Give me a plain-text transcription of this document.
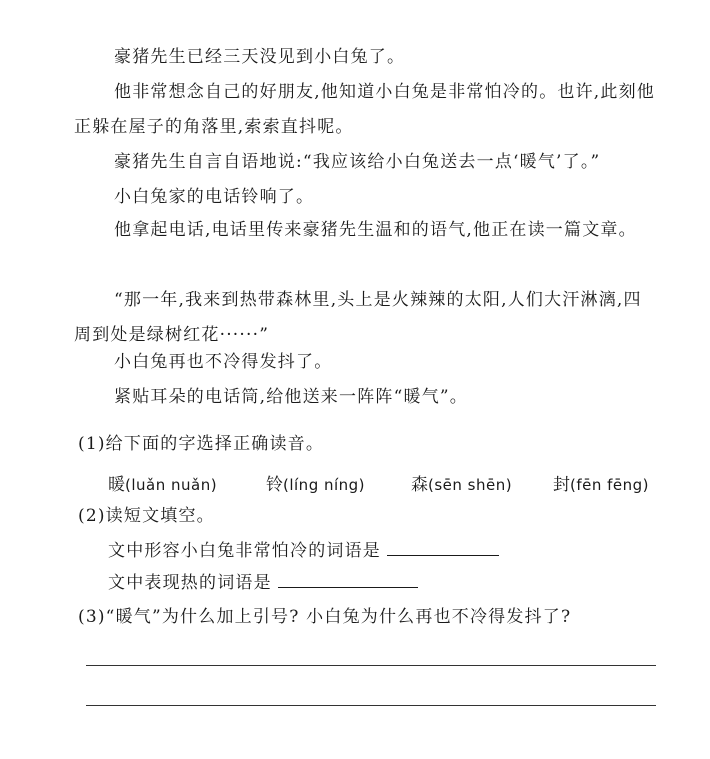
豪猪先生已经三天没见到小白兔了。
他非常想念自己的好朋友,他知道小白兔是非常怕冷的。也许,此刻他正躲在屋子的角落里,索索直抖呢。
豪猪先生自言自语地说:“我应该给小白兔送去一点‘暖气’了。”
小白兔家的电话铃响了。
他拿起电话,电话里传来豪猪先生温和的语气,他正在读一篇文章。
“那一年,我来到热带森林里,头上是火辣辣的太阳,人们大汗淋漓,四周到处是绿树红花······”
小白兔再也不冷得发抖了。
紧贴耳朵的电话筒,给他送来一阵阵“暖气”。
(1)给下面的字选择正确读音。
暖(luǎn nuǎn)	铃(líng níng)	森(sēn shēn) 封(fēn fēng)
(2)读短文填空。
文中形容小白兔非常怕冷的词语是
文中表现热的词语是
(3)“暖气”为什么加上引号? 小白兔为什么再也不冷得发抖了?
